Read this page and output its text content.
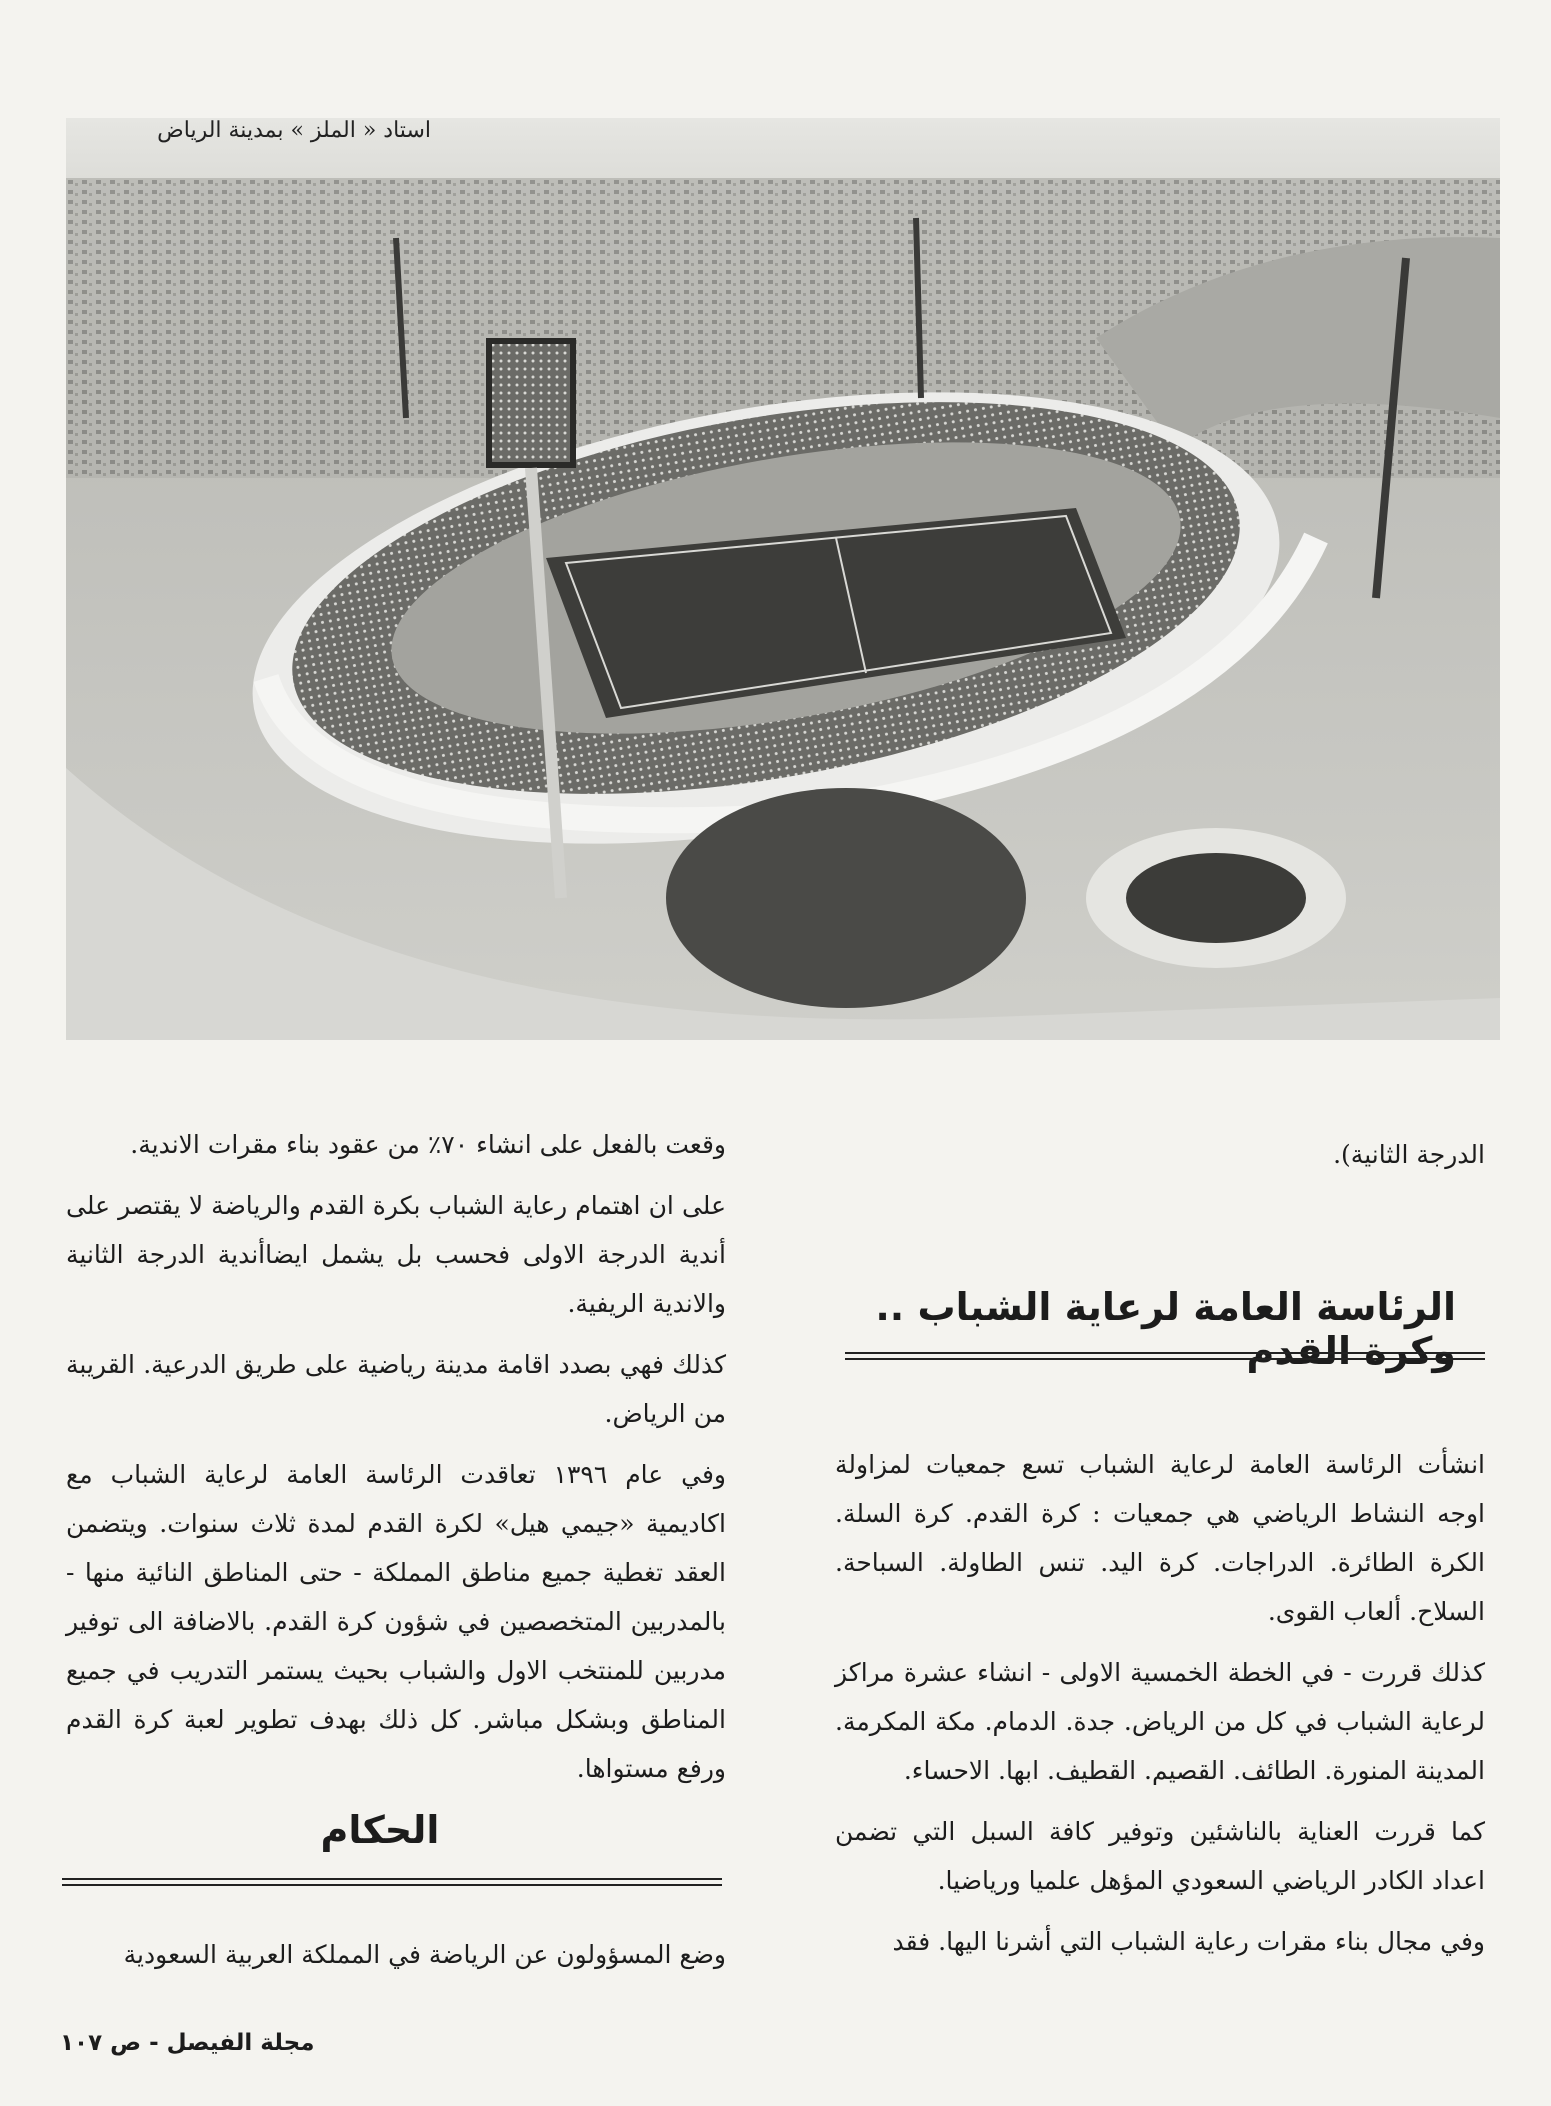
استاد « الملز » بمدينة الرياض
الدرجة الثانية).
الرئاسة العامة لرعاية الشباب .. وكرة القدم

انشأت الرئاسة العامة لرعاية الشباب تسع جمعيات لمزاولة اوجه النشاط الرياضي هي جمعيات : كرة القدم. كرة السلة. الكرة الطائرة. الدراجات. كرة اليد. تنس الطاولة. السباحة. السلاح. ألعاب القوى.

كذلك قررت - في الخطة الخمسية الاولى - انشاء عشرة مراكز لرعاية الشباب في كل من الرياض. جدة. الدمام. مكة المكرمة. المدينة المنورة. الطائف. القصيم. القطيف. ابها. الاحساء.

كما قررت العناية بالناشئين وتوفير كافة السبل التي تضمن اعداد الكادر الرياضي السعودي المؤهل علميا ورياضيا.

وفي مجال بناء مقرات رعاية الشباب التي أشرنا اليها. فقد

وقعت بالفعل على انشاء ٧٠٪ من عقود بناء مقرات الاندية.

على ان اهتمام رعاية الشباب بكرة القدم والرياضة لا يقتصر على أندية الدرجة الاولى فحسب بل يشمل ايضاأندية الدرجة الثانية والاندية الريفية.

كذلك فهي بصدد اقامة مدينة رياضية على طريق الدرعية. القريبة من الرياض.

وفي عام ١٣٩٦ تعاقدت الرئاسة العامة لرعاية الشباب مع اكاديمية «جيمي هيل» لكرة القدم لمدة ثلاث سنوات. ويتضمن العقد تغطية جميع مناطق المملكة - حتى المناطق النائية منها - بالمدربين المتخصصين في شؤون كرة القدم. بالاضافة الى توفير مدربين للمنتخب الاول والشباب بحيث يستمر التدريب في جميع المناطق وبشكل مباشر. كل ذلك بهدف تطوير لعبة كرة القدم ورفع مستواها.

الحكام
وضع المسؤولون عن الرياضة في المملكة العربية السعودية
مجلة الفيصل - ص ١٠٧
